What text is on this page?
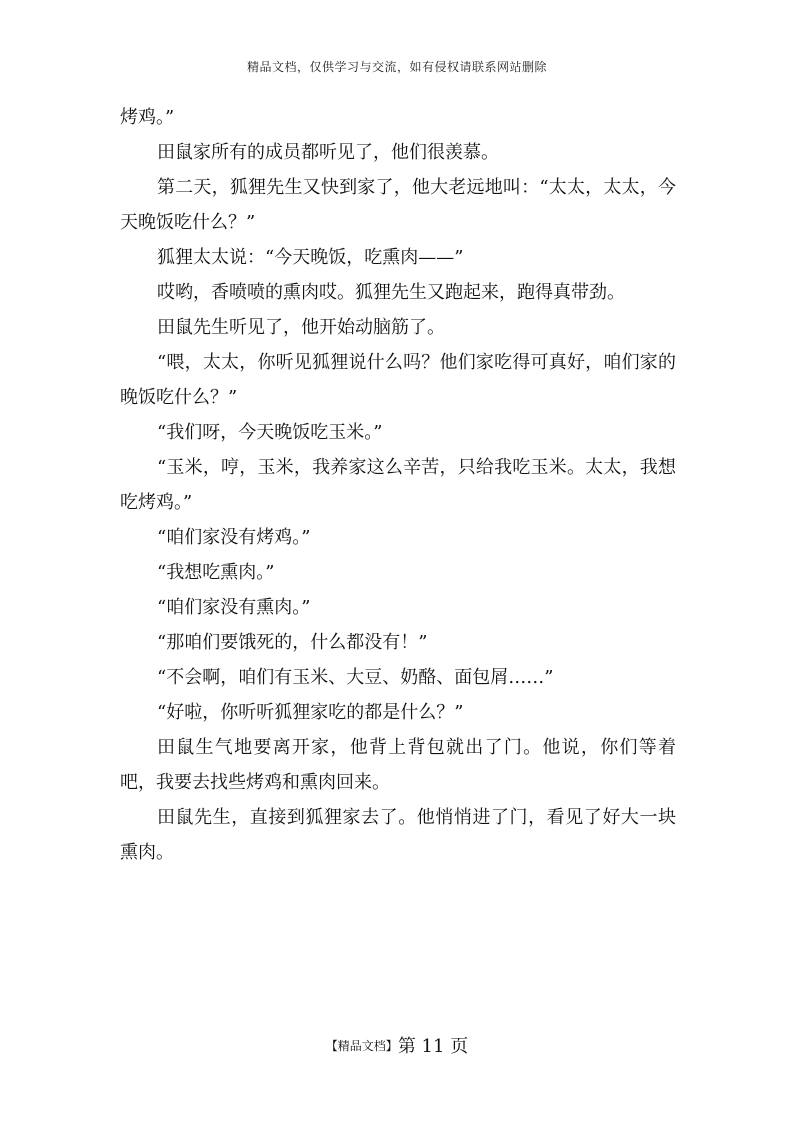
精品文档，仅供学习与交流，如有侵权请联系网站删除

烤鸡。”

田鼠家所有的成员都听见了，他们很羡慕。

第二天，狐狸先生又快到家了，他大老远地叫：“太太，太太，今天晚饭吃什么？”

狐狸太太说：“今天晚饭，吃熏肉——”

哎哟，香喷喷的熏肉哎。狐狸先生又跑起来，跑得真带劲。

田鼠先生听见了，他开始动脑筋了。

“喂，太太，你听见狐狸说什么吗？他们家吃得可真好，咱们家的晚饭吃什么？”

“我们呀，今天晚饭吃玉米。”

“玉米，哼，玉米，我养家这么辛苦，只给我吃玉米。太太，我想吃烤鸡。”

“咱们家没有烤鸡。”

“我想吃熏肉。”

“咱们家没有熏肉。”

“那咱们要饿死的，什么都没有！”

“不会啊，咱们有玉米、大豆、奶酪、面包屑……”

“好啦，你听听狐狸家吃的都是什么？”

田鼠生气地要离开家，他背上背包就出了门。他说，你们等着吧，我要去找些烤鸡和熏肉回来。

田鼠先生，直接到狐狸家去了。他悄悄进了门，看见了好大一块熏肉。

【精品文档】第 11 页
